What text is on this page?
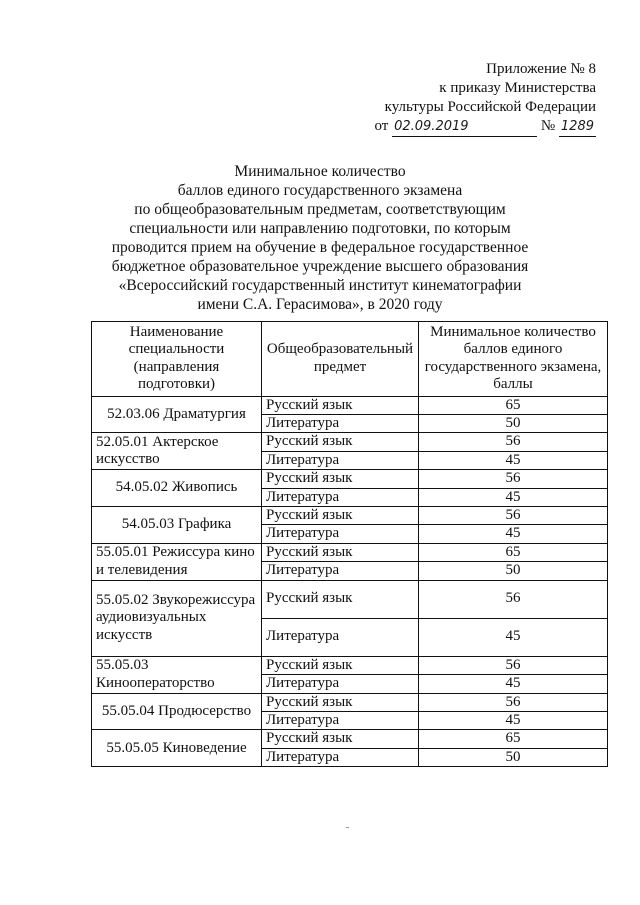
Приложение № 8
к приказу Министерства
культуры Российской Федерации
от 02.09.2019	№ 1289
Минимальное количество
баллов единого государственного экзамена
по общеобразовательным предметам, соответствующим
специальности или направлению подготовки, по которым
проводится прием на обучение в федеральное государственное
бюджетное образовательное учреждение высшего образования
«Всероссийский государственный институт кинематографии
имени С.А. Герасимова», в 2020 году
Наименование специальности (направления подготовки)	Общеобразовательный предмет	Минимальное количество баллов единого государственного экзамена, баллы
52.03.06 Драматургия	Русский язык	65
	Литература	50
52.05.01 Актерское искусство	Русский язык	56
	Литература	45
54.05.02 Живопись	Русский язык	56
	Литература	45
54.05.03 Графика	Русский язык	56
	Литература	45
55.05.01 Режиссура кино и телевидения	Русский язык	65
	Литература	50
55.05.02 Звукорежиссура аудиовизуальных искусств	Русский язык	56
	Литература	45
55.05.03 Кинооператорство	Русский язык	56
	Литература	45
55.05.04 Продюсерство	Русский язык	56
	Литература	45
55.05.05 Киноведение	Русский язык	65
	Литература	50
